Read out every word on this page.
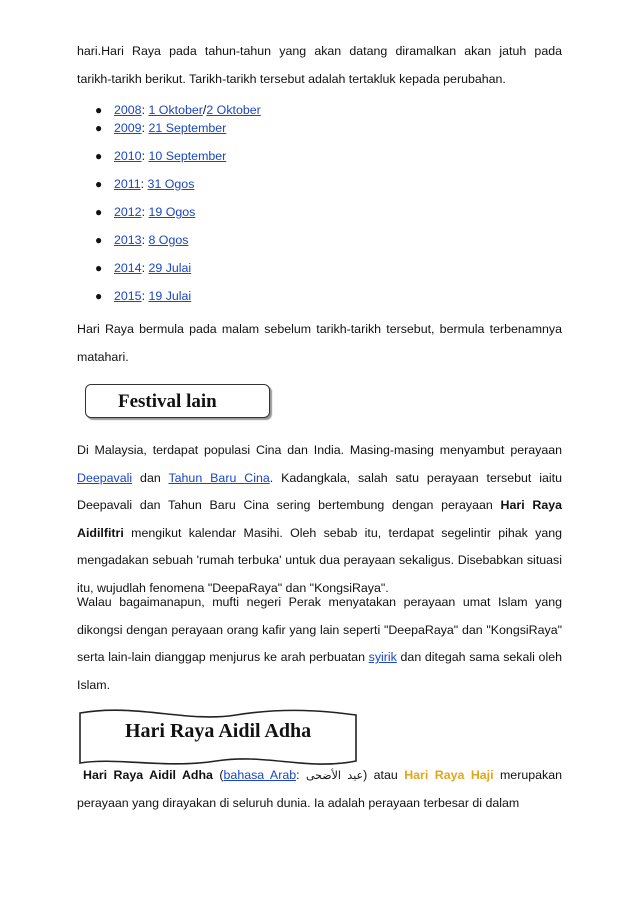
hari.Hari Raya pada tahun-tahun yang akan datang diramalkan akan jatuh pada
tarikh-tarikh berikut. Tarikh-tarikh tersebut adalah tertakluk kepada perubahan.

● 2008: 1 Oktober/2 Oktober
● 2009: 21 September
● 2010: 10 September
● 2011: 31 Ogos
● 2012: 19 Ogos
● 2013: 8 Ogos
● 2014: 29 Julai
● 2015: 19 Julai

Hari Raya bermula pada malam sebelum tarikh-tarikh tersebut, bermula terbenamnya
matahari.

Festival lain

Di Malaysia, terdapat populasi Cina dan India. Masing-masing menyambut perayaan Deepavali dan Tahun Baru Cina. Kadangkala, salah satu perayaan tersebut iaitu Deepavali dan Tahun Baru Cina sering bertembung dengan perayaan Hari Raya Aidilfitri mengikut kalendar Masihi. Oleh sebab itu, terdapat segelintir pihak yang mengadakan sebuah 'rumah terbuka' untuk dua perayaan sekaligus. Disebabkan situasi itu, wujudlah fenomena "DeepaRaya" dan "KongsiRaya".

Walau bagaimanapun, mufti negeri Perak menyatakan perayaan umat Islam yang dikongsi dengan perayaan orang kafir yang lain seperti "DeepaRaya" dan "KongsiRaya" serta lain-lain dianggap menjurus ke arah perbuatan syirik dan ditegah sama sekali oleh Islam.

Hari Raya Aidil Adha

Hari Raya Aidil Adha (bahasa Arab: عيد الأضحى) atau Hari Raya Haji merupakan perayaan yang dirayakan di seluruh dunia. Ia adalah perayaan terbesar di dalam
